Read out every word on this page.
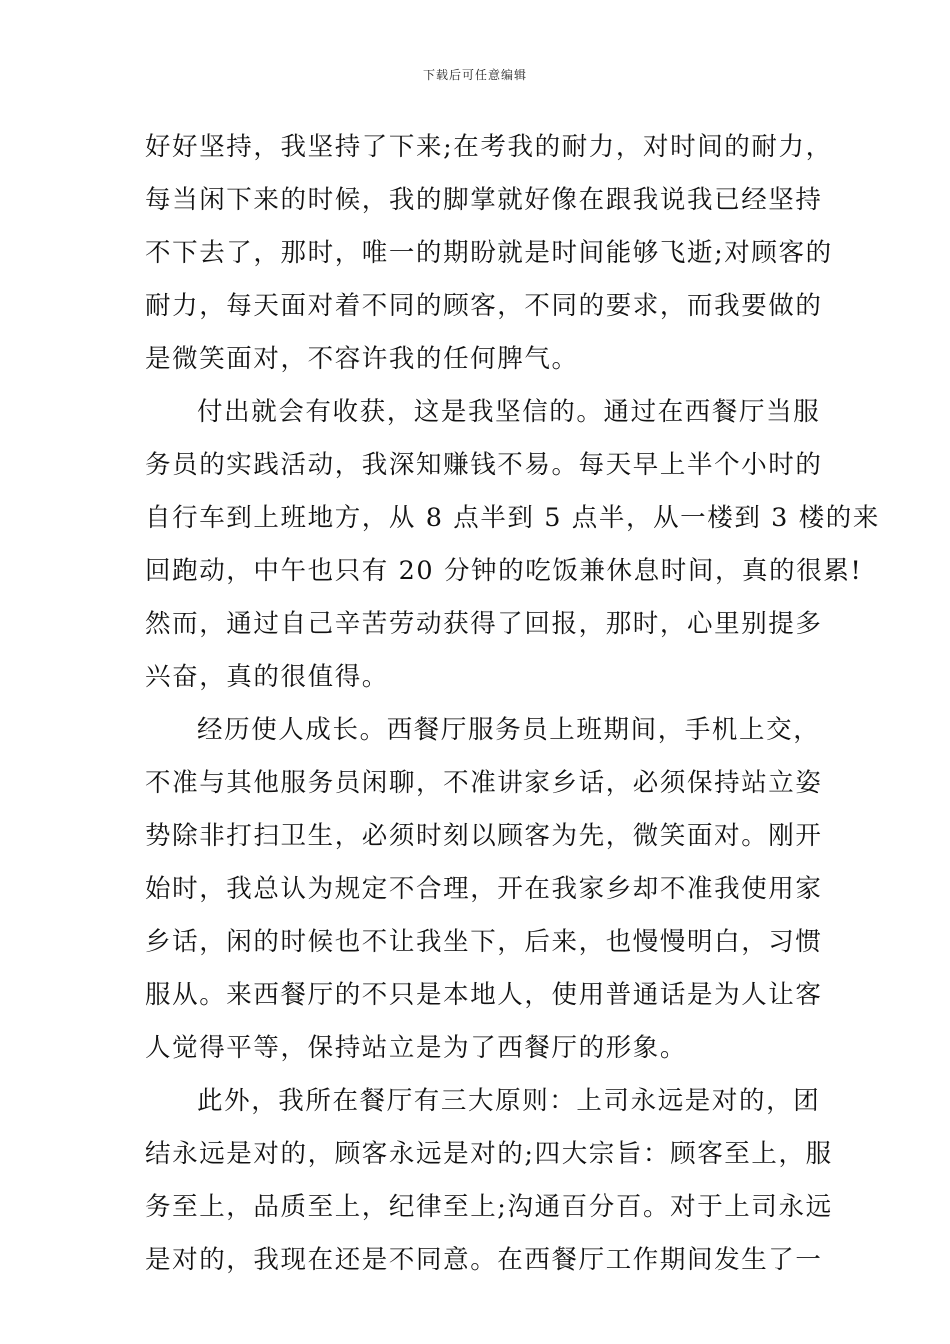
下载后可任意编辑
好好坚持，我坚持了下来;在考我的耐力，对时间的耐力，
每当闲下来的时候，我的脚掌就好像在跟我说我已经坚持
不下去了，那时，唯一的期盼就是时间能够飞逝;对顾客的
耐力，每天面对着不同的顾客，不同的要求，而我要做的
是微笑面对，不容许我的任何脾气。
付出就会有收获，这是我坚信的。通过在西餐厅当服
务员的实践活动，我深知赚钱不易。每天早上半个小时的
自行车到上班地方，从 8 点半到 5 点半，从一楼到 3 楼的来
回跑动，中午也只有 20 分钟的吃饭兼休息时间，真的很累!
然而，通过自己辛苦劳动获得了回报，那时，心里别提多
兴奋，真的很值得。
经历使人成长。西餐厅服务员上班期间，手机上交，
不准与其他服务员闲聊，不准讲家乡话，必须保持站立姿
势除非打扫卫生，必须时刻以顾客为先，微笑面对。刚开
始时，我总认为规定不合理，开在我家乡却不准我使用家
乡话，闲的时候也不让我坐下，后来，也慢慢明白，习惯
服从。来西餐厅的不只是本地人，使用普通话是为人让客
人觉得平等，保持站立是为了西餐厅的形象。
此外，我所在餐厅有三大原则：上司永远是对的，团
结永远是对的，顾客永远是对的;四大宗旨：顾客至上，服
务至上，品质至上，纪律至上;沟通百分百。对于上司永远
是对的，我现在还是不同意。在西餐厅工作期间发生了一
